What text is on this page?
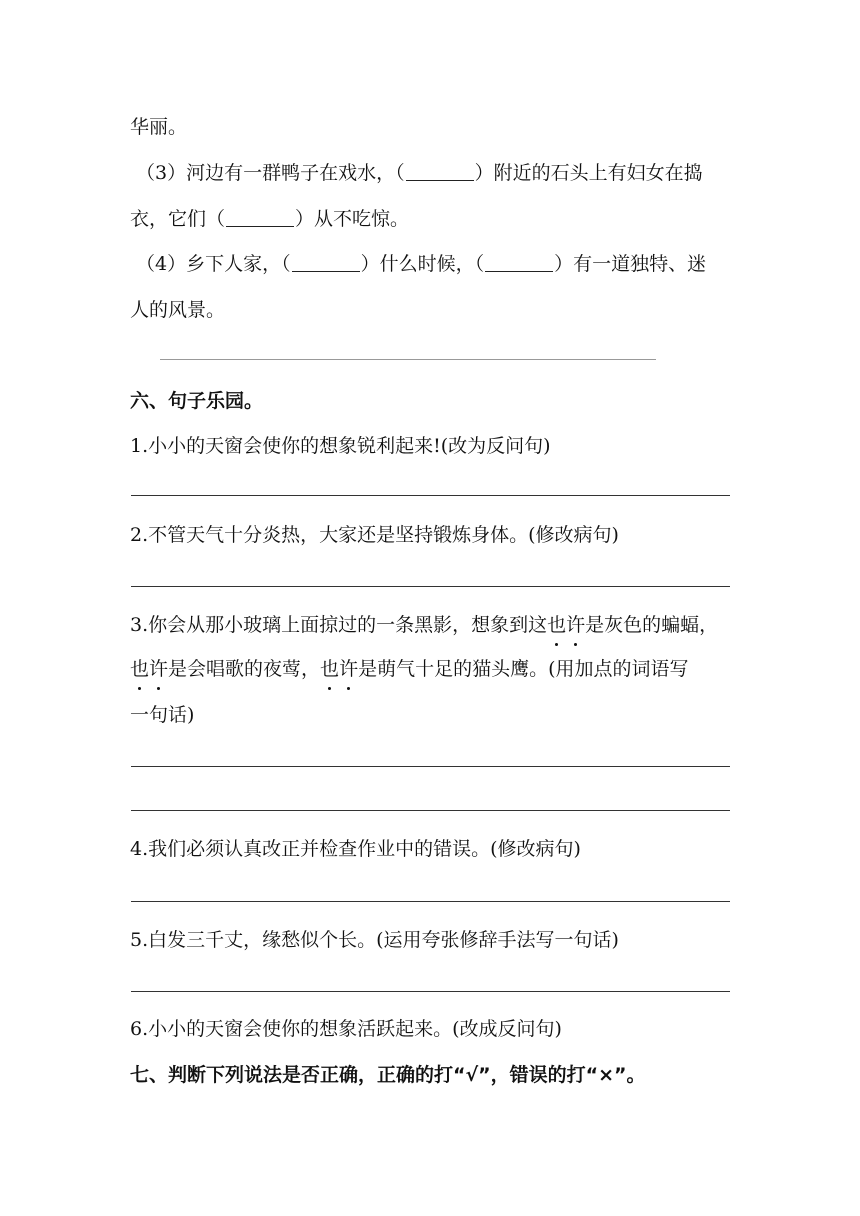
华丽。
（3）河边有一群鸭子在戏水，（	）附近的石头上有妇女在捣
衣，它们（	）从不吃惊。
（4）乡下人家，（	）什么时候，（	）有一道独特、迷
人的风景。
六、句子乐园。
1.小小的天窗会使你的想象锐利起来!(改为反问句)
2.不管天气十分炎热，大家还是坚持锻炼身体。(修改病句)
3.你会从那小玻璃上面掠过的一条黑影，想象到这也许是灰色的蝙蝠，
也许是会唱歌的夜莺，也许是萌气十足的猫头鹰。(用加点的词语写
一句话)
4.我们必须认真改正并检查作业中的错误。(修改病句)
5.白发三千丈，缘愁似个长。(运用夸张修辞手法写一句话)
6.小小的天窗会使你的想象活跃起来。(改成反问句)
七、判断下列说法是否正确，正确的打“√”，错误的打“×”。
